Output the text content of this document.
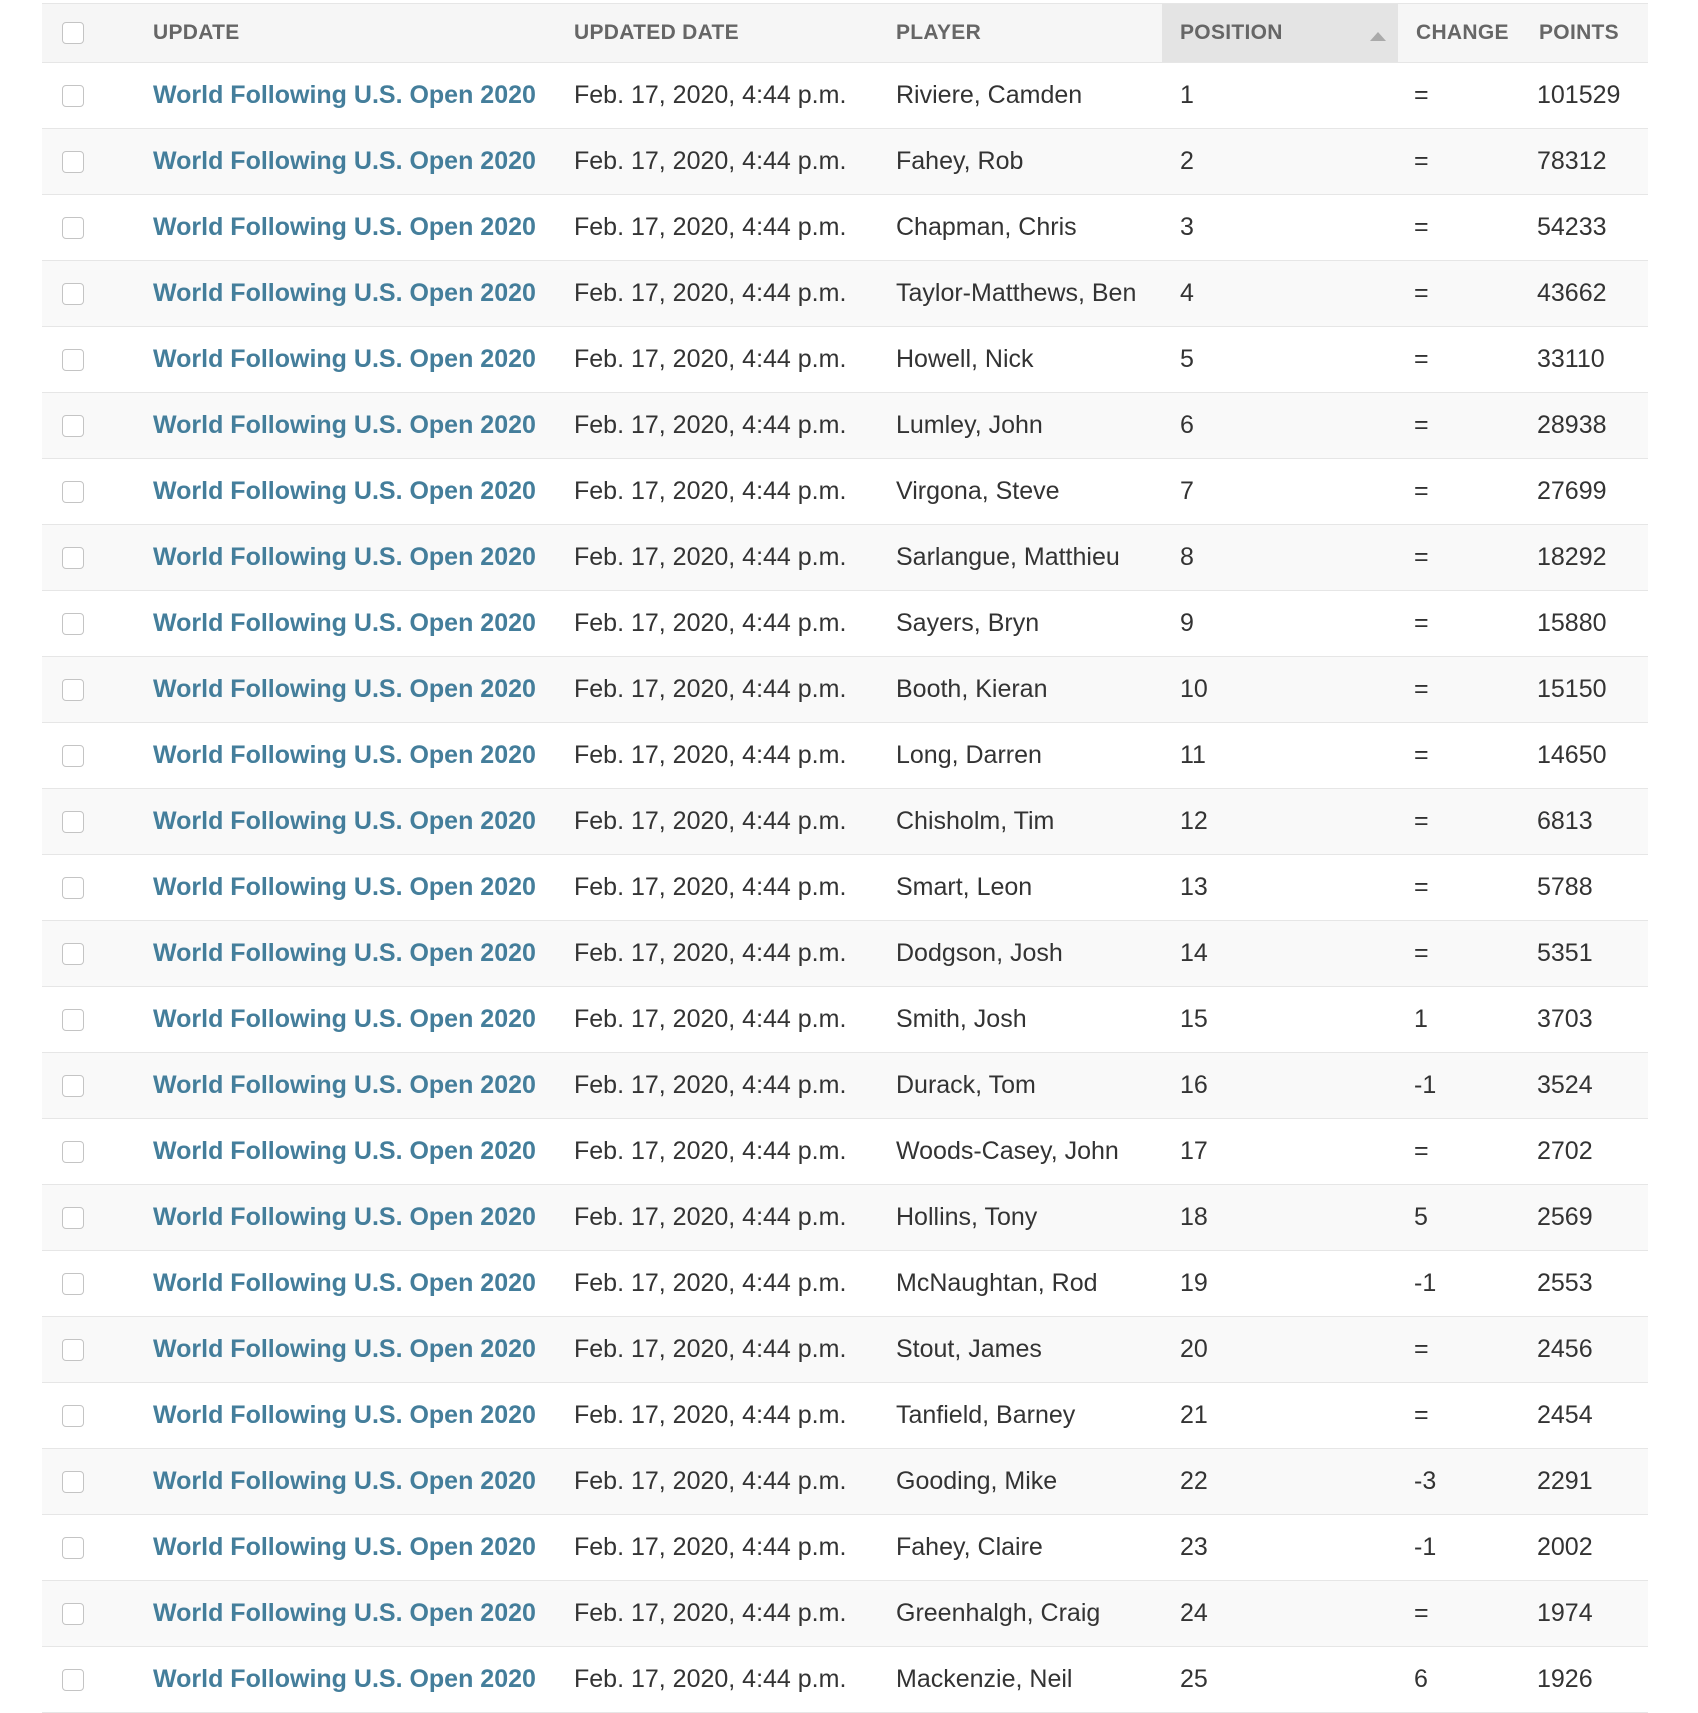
	UPDATE	UPDATED DATE	PLAYER	POSITION	CHANGE	POINTS
	World Following U.S. Open 2020	Feb. 17, 2020, 4:44 p.m.	Riviere, Camden	1	=	101529
	World Following U.S. Open 2020	Feb. 17, 2020, 4:44 p.m.	Fahey, Rob	2	=	78312
	World Following U.S. Open 2020	Feb. 17, 2020, 4:44 p.m.	Chapman, Chris	3	=	54233
	World Following U.S. Open 2020	Feb. 17, 2020, 4:44 p.m.	Taylor-Matthews, Ben	4	=	43662
	World Following U.S. Open 2020	Feb. 17, 2020, 4:44 p.m.	Howell, Nick	5	=	33110
	World Following U.S. Open 2020	Feb. 17, 2020, 4:44 p.m.	Lumley, John	6	=	28938
	World Following U.S. Open 2020	Feb. 17, 2020, 4:44 p.m.	Virgona, Steve	7	=	27699
	World Following U.S. Open 2020	Feb. 17, 2020, 4:44 p.m.	Sarlangue, Matthieu	8	=	18292
	World Following U.S. Open 2020	Feb. 17, 2020, 4:44 p.m.	Sayers, Bryn	9	=	15880
	World Following U.S. Open 2020	Feb. 17, 2020, 4:44 p.m.	Booth, Kieran	10	=	15150
	World Following U.S. Open 2020	Feb. 17, 2020, 4:44 p.m.	Long, Darren	11	=	14650
	World Following U.S. Open 2020	Feb. 17, 2020, 4:44 p.m.	Chisholm, Tim	12	=	6813
	World Following U.S. Open 2020	Feb. 17, 2020, 4:44 p.m.	Smart, Leon	13	=	5788
	World Following U.S. Open 2020	Feb. 17, 2020, 4:44 p.m.	Dodgson, Josh	14	=	5351
	World Following U.S. Open 2020	Feb. 17, 2020, 4:44 p.m.	Smith, Josh	15	1	3703
	World Following U.S. Open 2020	Feb. 17, 2020, 4:44 p.m.	Durack, Tom	16	-1	3524
	World Following U.S. Open 2020	Feb. 17, 2020, 4:44 p.m.	Woods-Casey, John	17	=	2702
	World Following U.S. Open 2020	Feb. 17, 2020, 4:44 p.m.	Hollins, Tony	18	5	2569
	World Following U.S. Open 2020	Feb. 17, 2020, 4:44 p.m.	McNaughtan, Rod	19	-1	2553
	World Following U.S. Open 2020	Feb. 17, 2020, 4:44 p.m.	Stout, James	20	=	2456
	World Following U.S. Open 2020	Feb. 17, 2020, 4:44 p.m.	Tanfield, Barney	21	=	2454
	World Following U.S. Open 2020	Feb. 17, 2020, 4:44 p.m.	Gooding, Mike	22	-3	2291
	World Following U.S. Open 2020	Feb. 17, 2020, 4:44 p.m.	Fahey, Claire	23	-1	2002
	World Following U.S. Open 2020	Feb. 17, 2020, 4:44 p.m.	Greenhalgh, Craig	24	=	1974
	World Following U.S. Open 2020	Feb. 17, 2020, 4:44 p.m.	Mackenzie, Neil	25	6	1926
